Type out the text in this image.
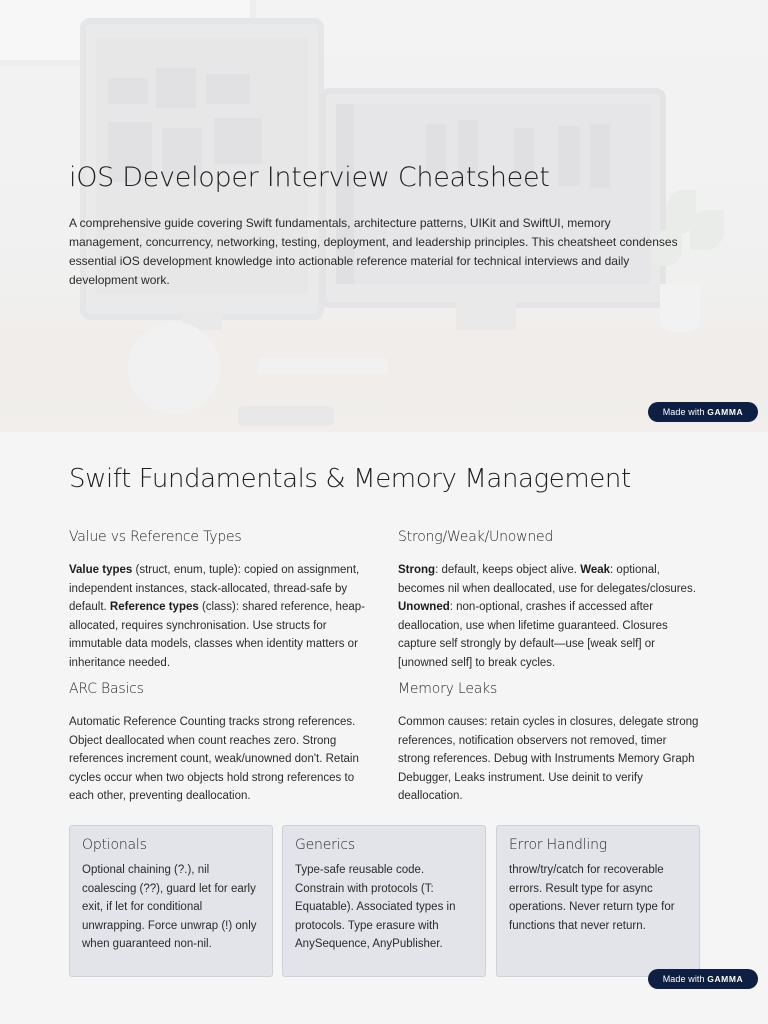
iOS Developer Interview Cheatsheet

A comprehensive guide covering Swift fundamentals, architecture patterns, UIKit and SwiftUI, memory management, concurrency, networking, testing, deployment, and leadership principles. This cheatsheet condenses essential iOS development knowledge into actionable reference material for technical interviews and daily development work.

Made with GAMMA
Swift Fundamentals & Memory Management
Value vs Reference Types

Value types (struct, enum, tuple): copied on assignment, independent instances, stack-allocated, thread-safe by default. Reference types (class): shared reference, heap-allocated, requires synchronisation. Use structs for immutable data models, classes when identity matters or inheritance needed.

Strong/Weak/Unowned

Strong: default, keeps object alive. Weak: optional, becomes nil when deallocated, use for delegates/closures. Unowned: non-optional, crashes if accessed after deallocation, use when lifetime guaranteed. Closures capture self strongly by default—use [weak self] or [unowned self] to break cycles.

ARC Basics

Automatic Reference Counting tracks strong references. Object deallocated when count reaches zero. Strong references increment count, weak/unowned don't. Retain cycles occur when two objects hold strong references to each other, preventing deallocation.

Memory Leaks

Common causes: retain cycles in closures, delegate strong references, notification observers not removed, timer strong references. Debug with Instruments Memory Graph Debugger, Leaks instrument. Use deinit to verify deallocation.

Optionals

Optional chaining (?.), nil coalescing (??), guard let for early exit, if let for conditional unwrapping. Force unwrap (!) only when guaranteed non-nil.

Generics

Type-safe reusable code. Constrain with protocols (T: Equatable). Associated types in protocols. Type erasure with AnySequence, AnyPublisher.

Error Handling

throw/try/catch for recoverable errors. Result type for async operations. Never return type for functions that never return.

Made with GAMMA
